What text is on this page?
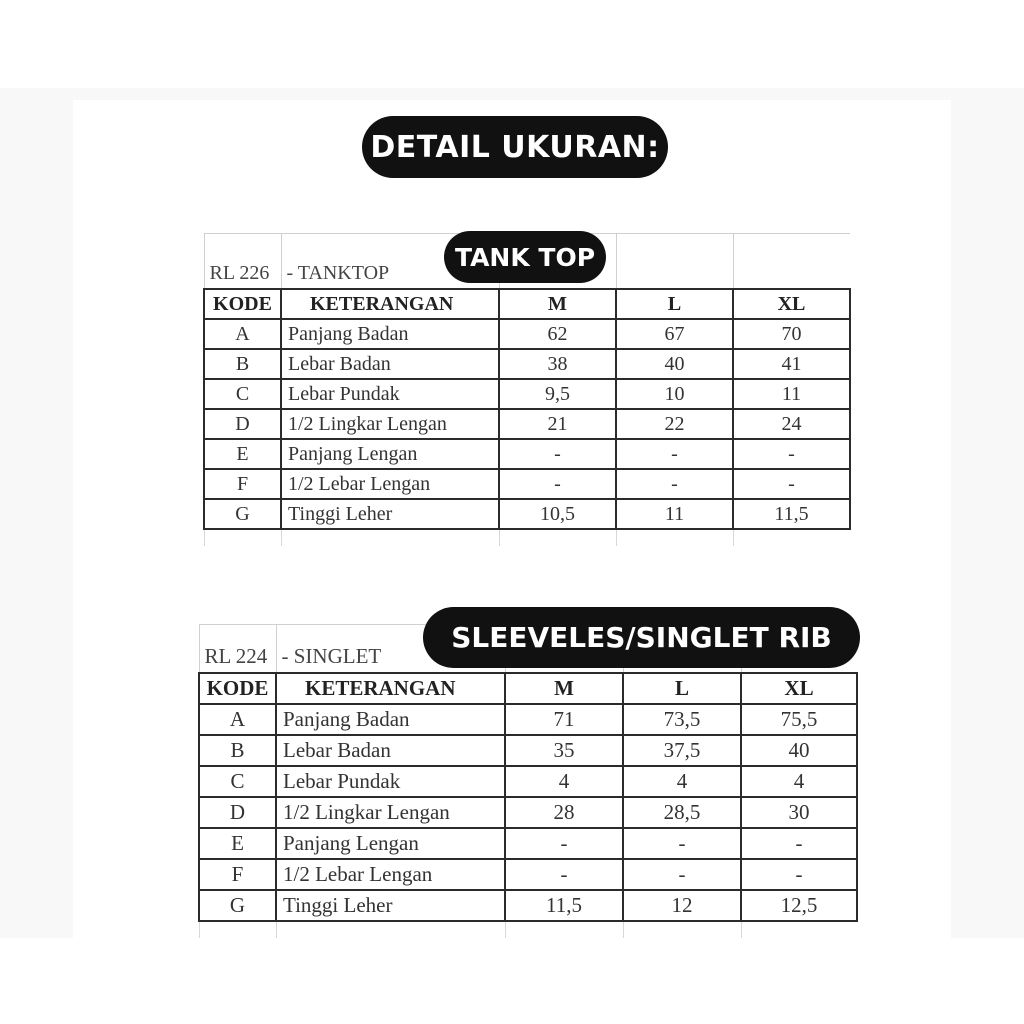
DETAIL UKURAN:
RL 226	- TANKTOP			
KODE	KETERANGAN	M	L	XL
A	Panjang Badan	62	67	70
B	Lebar Badan	38	40	41
C	Lebar Pundak	9,5	10	11
D	1/2 Lingkar Lengan	21	22	24
E	Panjang Lengan	-	-	-
F	1/2 Lebar Lengan	-	-	-
G	Tinggi Leher	10,5	11	11,5

TANK TOP
RL 224	- SINGLET			
KODE	KETERANGAN	M	L	XL
A	Panjang Badan	71	73,5	75,5
B	Lebar Badan	35	37,5	40
C	Lebar Pundak	4	4	4
D	1/2 Lingkar Lengan	28	28,5	30
E	Panjang Lengan	-	-	-
F	1/2 Lebar Lengan	-	-	-
G	Tinggi Leher	11,5	12	12,5

SLEEVELES/SINGLET RIB
